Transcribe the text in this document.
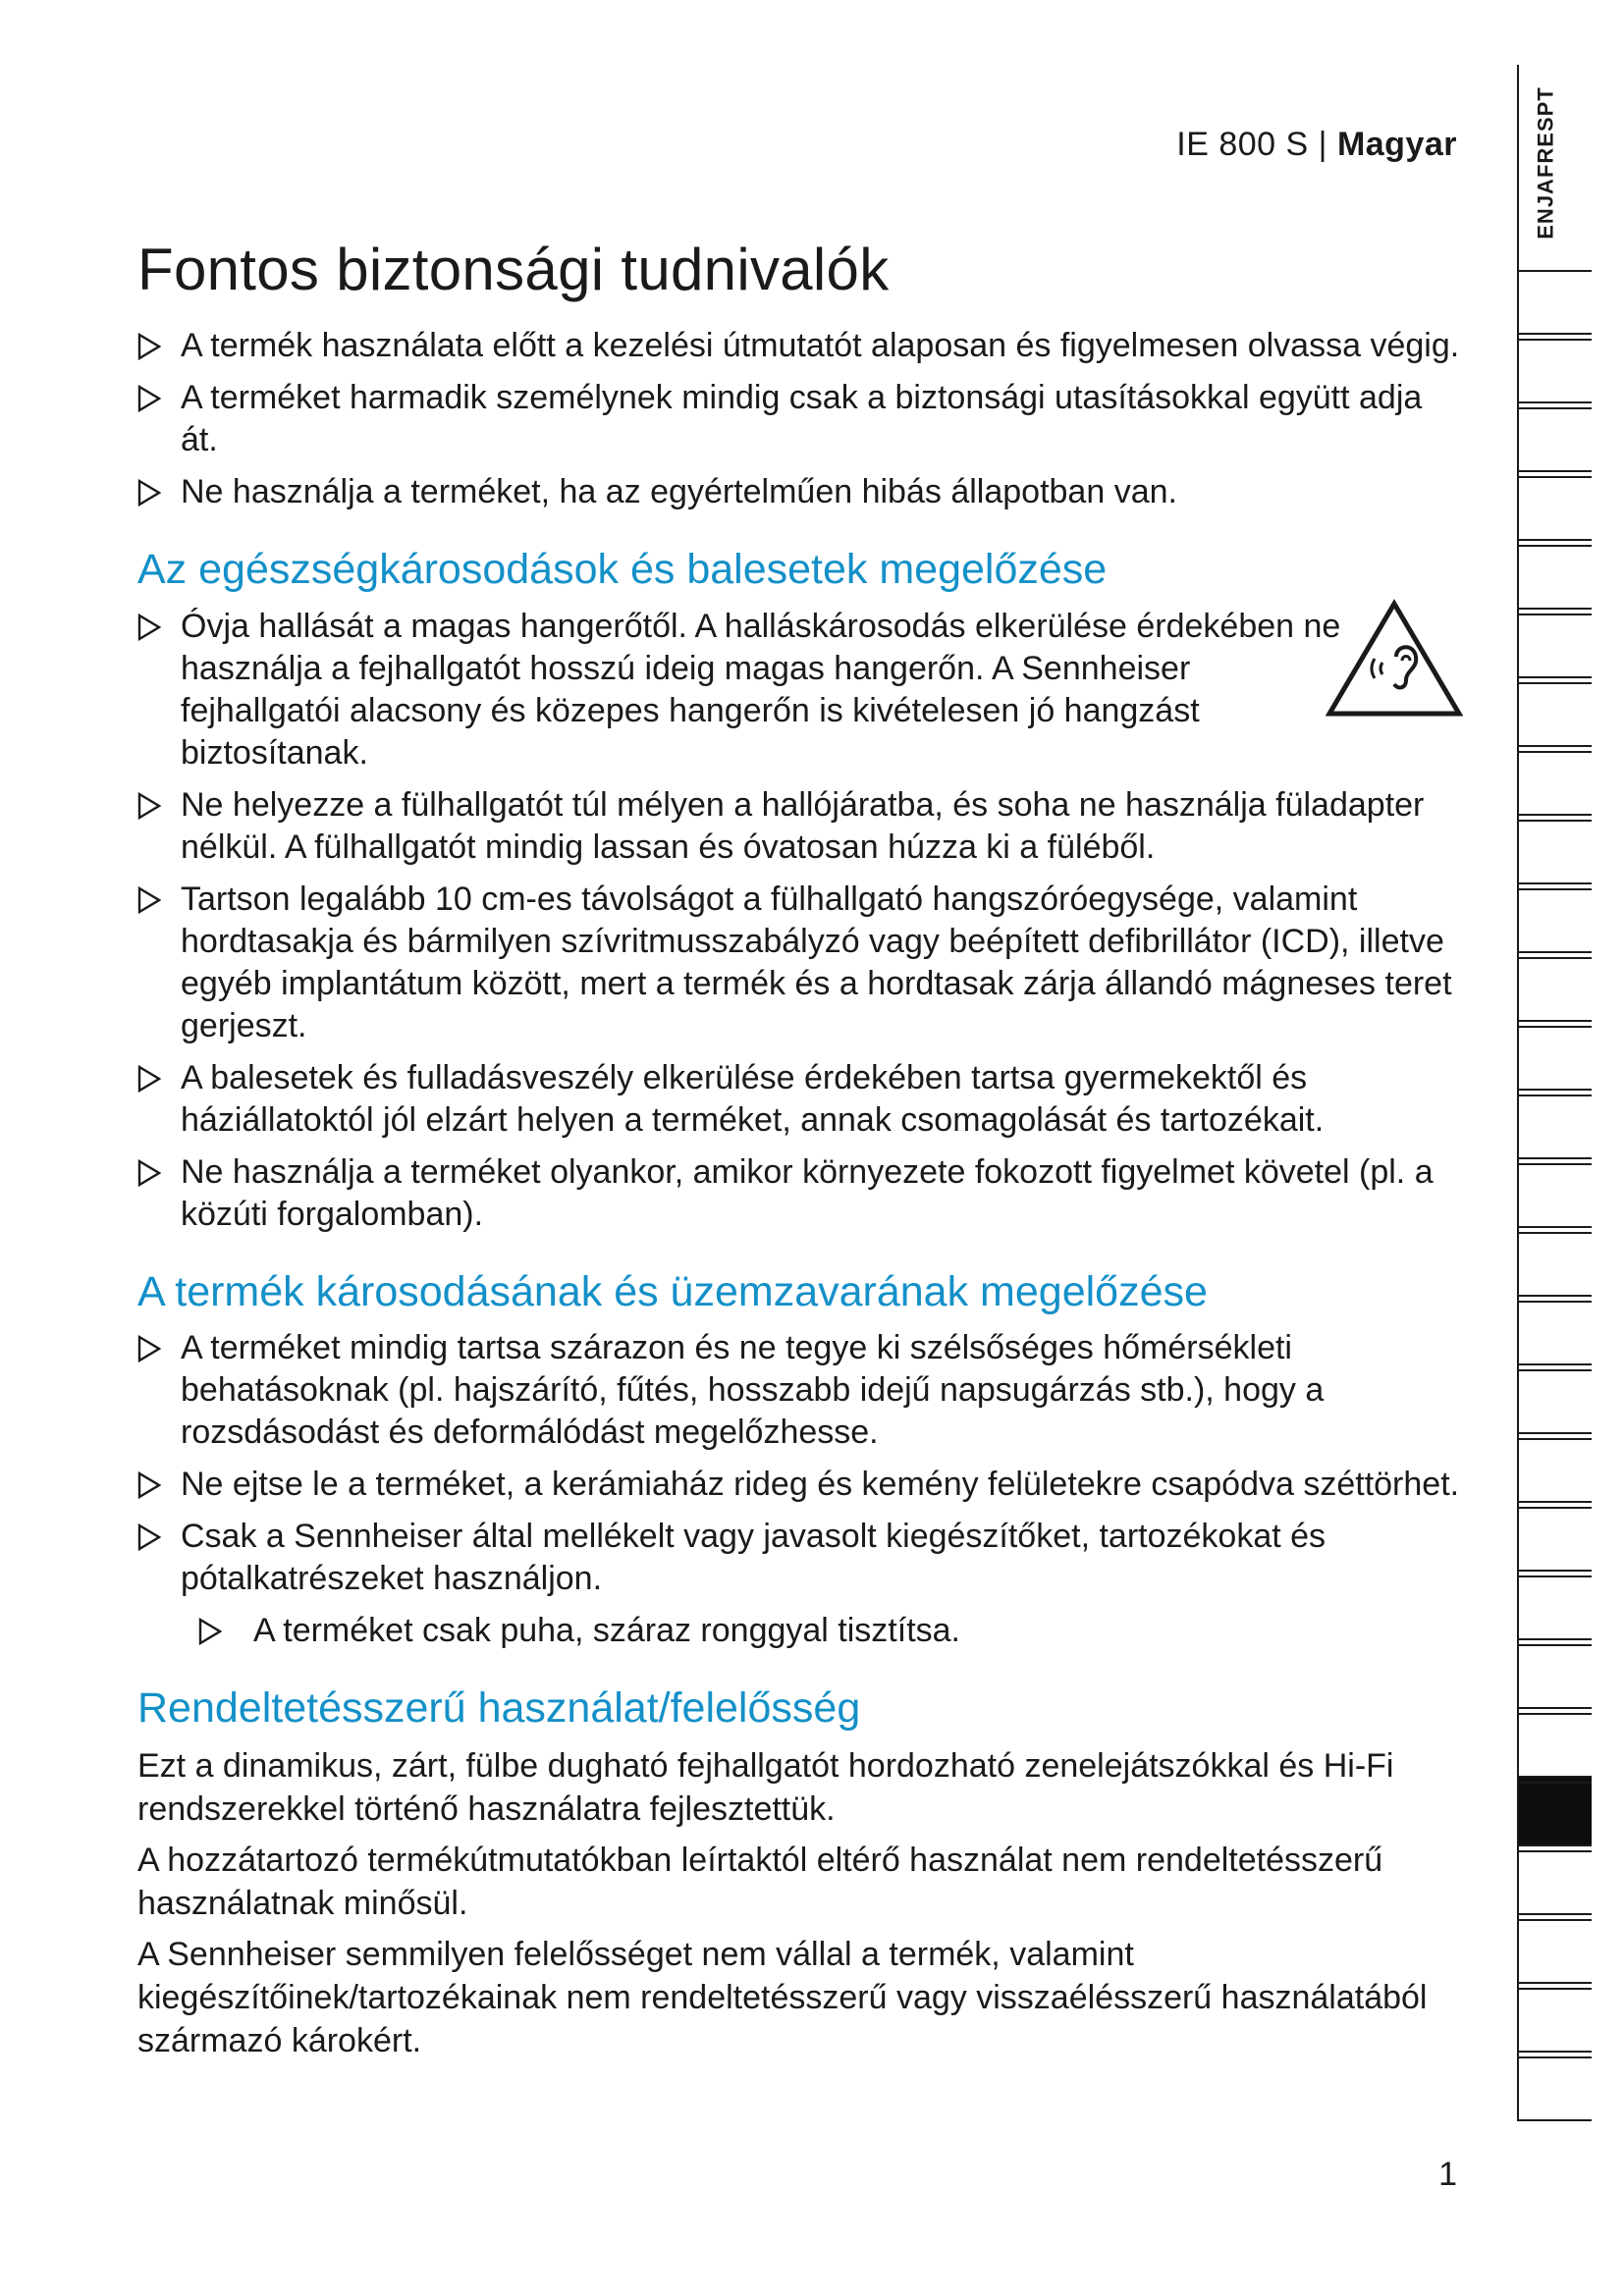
IE 800 S | Magyar	ENJAFRESPT
Fontos biztonsági tudnivalók
A termék használata előtt a kezelési útmutatót alaposan és figyelmesen olvassa végig.
A terméket harmadik személynek mindig csak a biztonsági utasításokkal együtt adja át.
Ne használja a terméket, ha az egyértelműen hibás állapotban van.
Az egészségkárosodások és balesetek megelőzése
Óvja hallását a magas hangerőtől. A halláskárosodás elkerülése érdekében ne használja a fejhallgatót hosszú ideig magas hangerőn. A Sennheiser fejhallgatói alacsony és közepes hangerőn is kivételesen jó hangzást biztosítanak.
Ne helyezze a fülhallgatót túl mélyen a hallójáratba, és soha ne használja füladapter nélkül. A fülhallgatót mindig lassan és óvatosan húzza ki a füléből.
Tartson legalább 10 cm-es távolságot a fülhallgató hangszóróegysége, valamint hordtasakja és bármilyen szívritmusszabályzó vagy beépített defibrillátor (ICD), illetve egyéb implantátum között, mert a termék és a hordtasak zárja állandó mágneses teret gerjeszt.
A balesetek és fulladásveszély elkerülése érdekében tartsa gyermekektől és háziállatoktól jól elzárt helyen a terméket, annak csomagolását és tartozékait.
Ne használja a terméket olyankor, amikor környezete fokozott figyelmet követel (pl. a közúti forgalomban).
A termék károsodásának és üzemzavarának megelőzése
A terméket mindig tartsa szárazon és ne tegye ki szélsőséges hőmérsékleti behatásoknak (pl. hajszárító, fűtés, hosszabb idejű napsugárzás stb.), hogy a rozsdásodást és deformálódást megelőzhesse.
Ne ejtse le a terméket, a kerámiaház rideg és kemény felületekre csapódva széttörhet.
Csak a Sennheiser által mellékelt vagy javasolt kiegészítőket, tartozékokat és pótalkatrészeket használjon.
A terméket csak puha, száraz ronggyal tisztítsa.
Rendeltetésszerű használat/felelősség

Ezt a dinamikus, zárt, fülbe dugható fejhallgatót hordozható zenelejátszókkal és Hi-Fi rendszerekkel történő használatra fejlesztettük.

A hozzátartozó termékútmutatókban leírtaktól eltérő használat nem rendeltetésszerű használatnak minősül.

A Sennheiser semmilyen felelősséget nem vállal a termék, valamint kiegészítőinek/tartozékainak nem rendeltetésszerű vagy visszaélésszerű használatából származó károkért.

1
